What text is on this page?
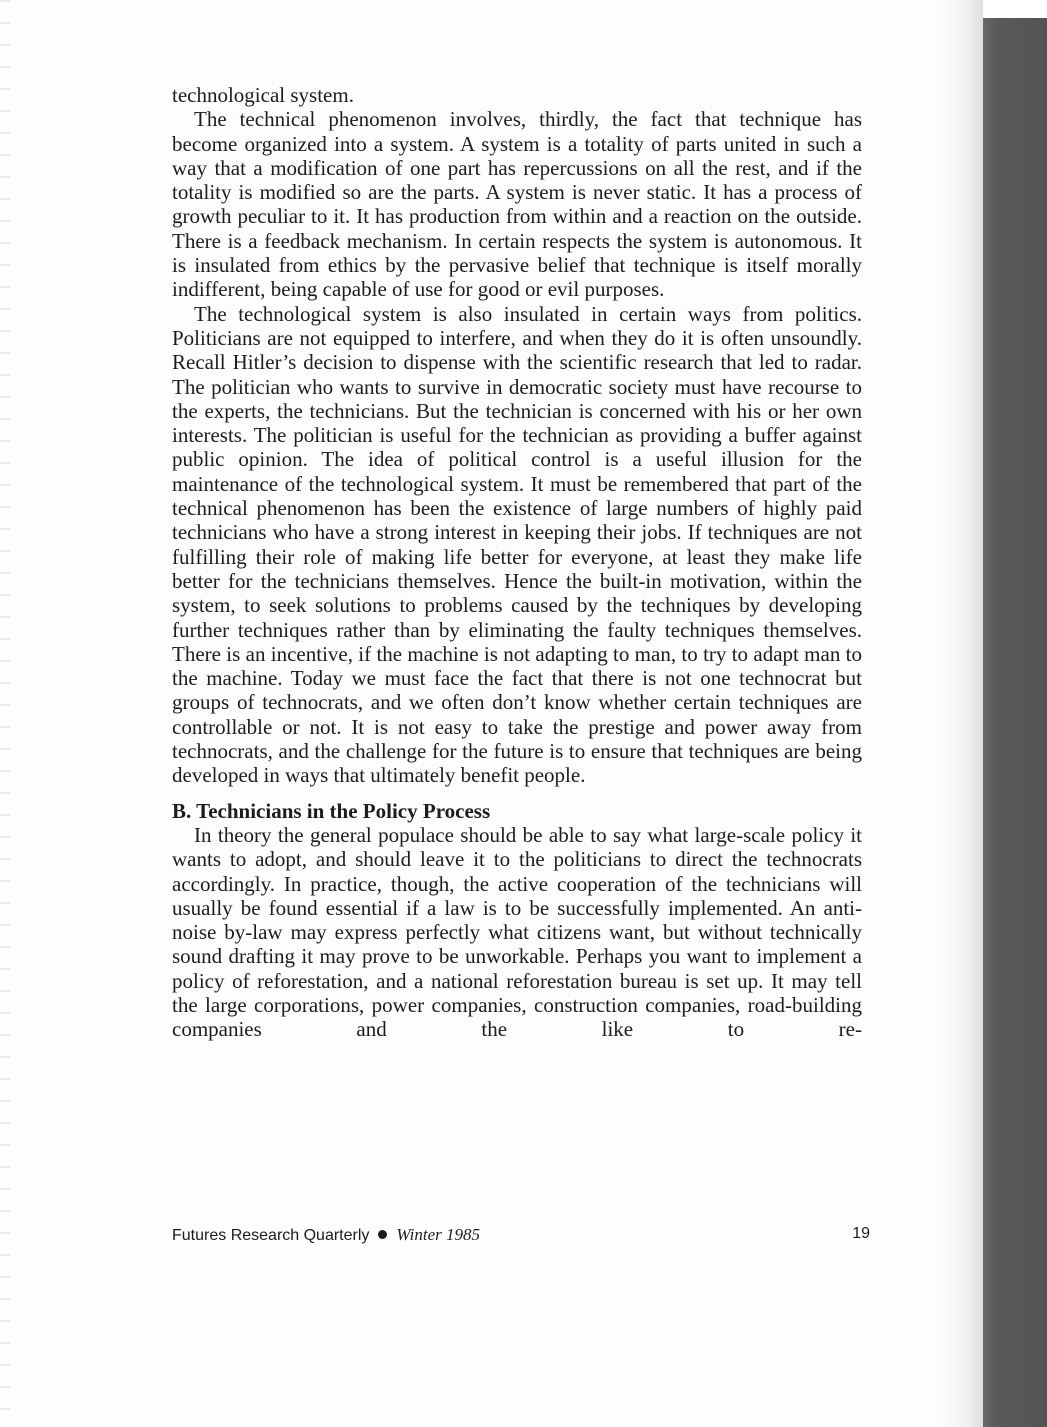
technological system.

The technical phenomenon involves, thirdly, the fact that technique has become organized into a system. A system is a totality of parts united in such a way that a modification of one part has repercussions on all the rest, and if the totality is modified so are the parts. A system is never static. It has a process of growth peculiar to it. It has production from within and a reaction on the outside. There is a feedback mechanism. In certain respects the system is autonomous. It is insulated from ethics by the pervasive belief that technique is itself morally indifferent, being capable of use for good or evil purposes.

The technological system is also insulated in certain ways from politics. Politicians are not equipped to interfere, and when they do it is often unsoundly. Recall Hitler’s decision to dispense with the scientific research that led to radar. The politician who wants to survive in democratic society must have recourse to the experts, the technicians. But the technician is concerned with his or her own interests. The politician is useful for the technician as providing a buffer against public opinion. The idea of political control is a useful illusion for the maintenance of the technological system. It must be remembered that part of the technical phenomenon has been the existence of large numbers of highly paid technicians who have a strong interest in keeping their jobs. If techniques are not fulfilling their role of making life better for everyone, at least they make life better for the technicians themselves. Hence the built-in motivation, within the system, to seek solutions to problems caused by the techniques by developing further techniques rather than by eliminating the faulty techniques themselves. There is an incentive, if the machine is not adapting to man, to try to adapt man to the machine. Today we must face the fact that there is not one technocrat but groups of technocrats, and we often don’t know whether certain techniques are controllable or not. It is not easy to take the prestige and power away from technocrats, and the challenge for the future is to ensure that techniques are being developed in ways that ultimately benefit people.

B. Technicians in the Policy Process

In theory the general populace should be able to say what large-scale policy it wants to adopt, and should leave it to the politicians to direct the technocrats accordingly. In practice, though, the active cooperation of the technicians will usually be found essential if a law is to be successfully implemented. An anti-noise by-law may express perfectly what citizens want, but without technically sound drafting it may prove to be unworkable. Perhaps you want to implement a policy of reforestation, and a national reforestation bureau is set up. It may tell the large corporations, power companies, construction companies, road-building companies and the like to re-

Futures Research Quarterly Winter 1985	19
